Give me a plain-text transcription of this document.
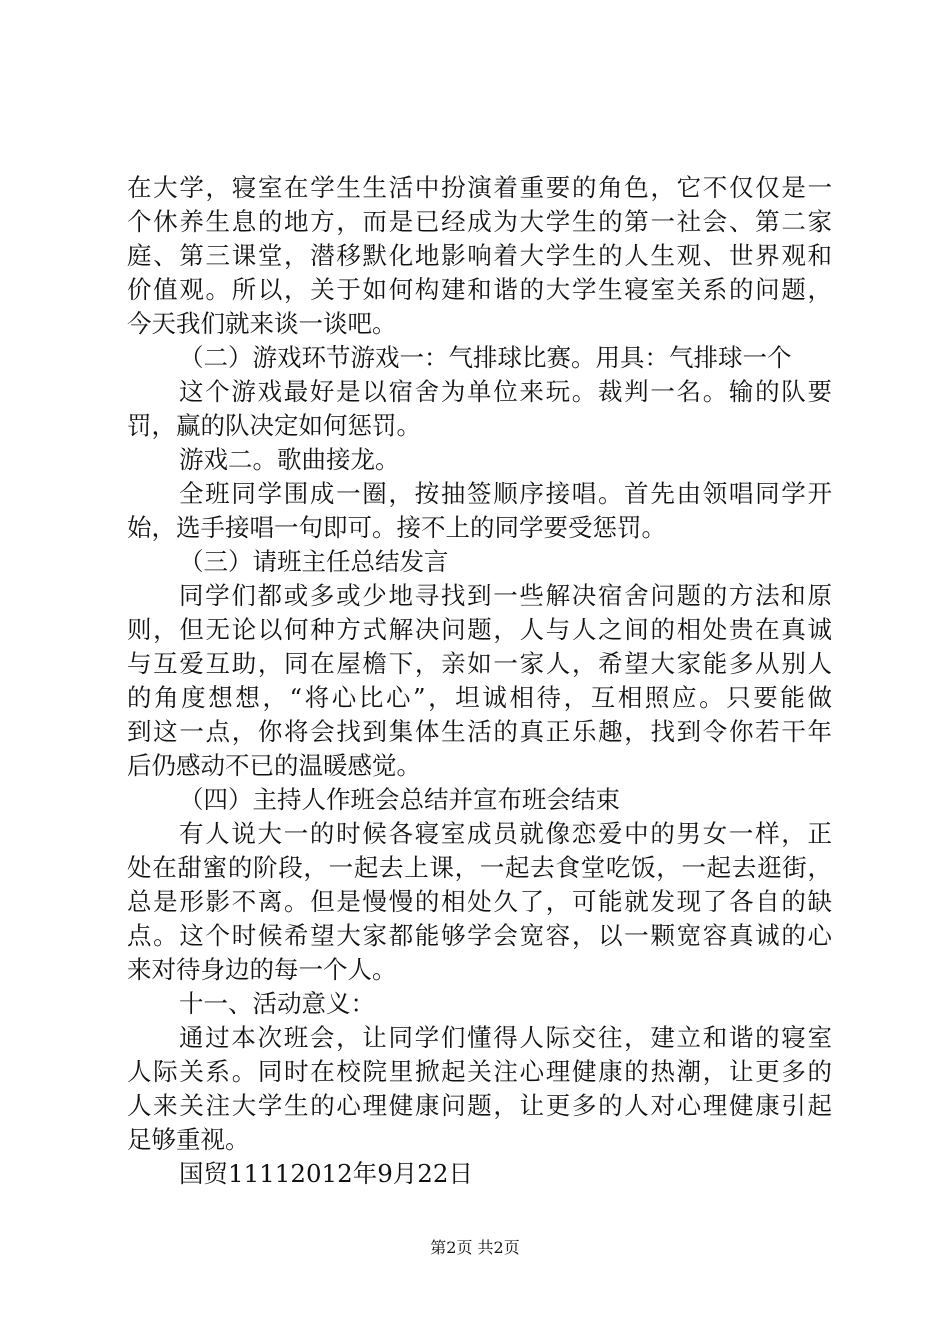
在大学，寝室在学生生活中扮演着重要的角色，它不仅仅是一
个休养生息的地方，而是已经成为大学生的第一社会、第二家
庭、第三课堂，潜移默化地影响着大学生的人生观、世界观和
价值观。所以，关于如何构建和谐的大学生寝室关系的问题，
今天我们就来谈一谈吧。
（二）游戏环节游戏一：气排球比赛。用具：气排球一个
这个游戏最好是以宿舍为单位来玩。裁判一名。输的队要
罚，赢的队决定如何惩罚。
游戏二。歌曲接龙。
全班同学围成一圈，按抽签顺序接唱。首先由领唱同学开
始，选手接唱一句即可。接不上的同学要受惩罚。
（三）请班主任总结发言
同学们都或多或少地寻找到一些解决宿舍问题的方法和原
则，但无论以何种方式解决问题，人与人之间的相处贵在真诚
与互爱互助，同在屋檐下，亲如一家人，希望大家能多从别人
的角度想想，“将心比心”，坦诚相待，互相照应。只要能做
到这一点，你将会找到集体生活的真正乐趣，找到令你若干年
后仍感动不已的温暖感觉。
（四）主持人作班会总结并宣布班会结束
有人说大一的时候各寝室成员就像恋爱中的男女一样，正
处在甜蜜的阶段，一起去上课，一起去食堂吃饭，一起去逛街，
总是形影不离。但是慢慢的相处久了，可能就发现了各自的缺
点。这个时候希望大家都能够学会宽容，以一颗宽容真诚的心
来对待身边的每一个人。
十一、活动意义：
通过本次班会，让同学们懂得人际交往，建立和谐的寝室
人际关系。同时在校院里掀起关注心理健康的热潮，让更多的
人来关注大学生的心理健康问题，让更多的人对心理健康引起
足够重视。
国贸11112012年9月22日
第2页 共2页
